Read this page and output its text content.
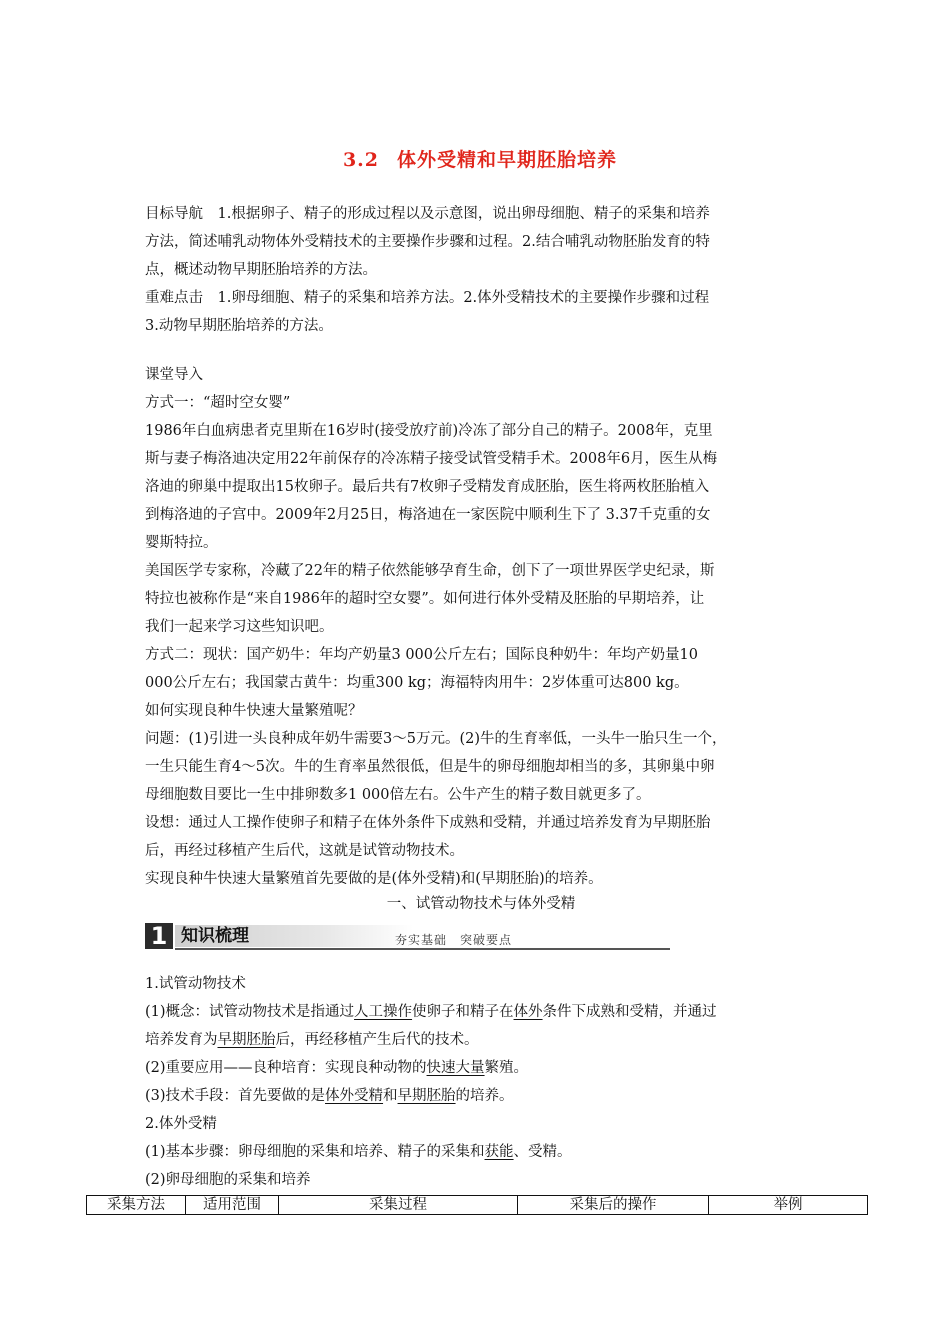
3.2 体外受精和早期胚胎培养
目标导航　1.根据卵子、精子的形成过程以及示意图，说出卵母细胞、精子的采集和培养
方法，简述哺乳动物体外受精技术的主要操作步骤和过程。2.结合哺乳动物胚胎发育的特
点，概述动物早期胚胎培养的方法。
重难点击　1.卵母细胞、精子的采集和培养方法。2.体外受精技术的主要操作步骤和过程
3.动物早期胚胎培养的方法。
课堂导入
方式一：“超时空女婴”
1986年白血病患者克里斯在16岁时(接受放疗前)冷冻了部分自己的精子。2008年，克里
斯与妻子梅洛迪决定用22年前保存的冷冻精子接受试管受精手术。2008年6月，医生从梅
洛迪的卵巢中提取出15枚卵子。最后共有7枚卵子受精发育成胚胎，医生将两枚胚胎植入
到梅洛迪的子宫中。2009年2月25日，梅洛迪在一家医院中顺利生下了 3.37千克重的女
婴斯特拉。
美国医学专家称，冷藏了22年的精子依然能够孕育生命，创下了一项世界医学史纪录，斯
特拉也被称作是“来自1986年的超时空女婴”。如何进行体外受精及胚胎的早期培养，让
我们一起来学习这些知识吧。
方式二：现状：国产奶牛：年均产奶量3 000公斤左右；国际良种奶牛：年均产奶量10
000公斤左右；我国蒙古黄牛：均重300 kg；海福特肉用牛：2岁体重可达800 kg。
如何实现良种牛快速大量繁殖呢？
问题：(1)引进一头良种成年奶牛需要3～5万元。(2)牛的生育率低，一头牛一胎只生一个，
一生只能生育4～5次。牛的生育率虽然很低，但是牛的卵母细胞却相当的多，其卵巢中卵
母细胞数目要比一生中排卵数多1 000倍左右。公牛产生的精子数目就更多了。
设想：通过人工操作使卵子和精子在体外条件下成熟和受精，并通过培养发育为早期胚胎
后，再经过移植产生后代，这就是试管动物技术。
实现良种牛快速大量繁殖首先要做的是(体外受精)和(早期胚胎)的培养。
一、试管动物技术与体外受精
1 知识梳理	夯实基础　突破要点
1.试管动物技术
(1)概念：试管动物技术是指通过人工操作使卵子和精子在体外条件下成熟和受精，并通过
培养发育为早期胚胎后，再经移植产生后代的技术。
(2)重要应用——良种培育：实现良种动物的快速大量繁殖。
(3)技术手段：首先要做的是体外受精和早期胚胎的培养。
2.体外受精
(1)基本步骤：卵母细胞的采集和培养、精子的采集和获能、受精。
(2)卵母细胞的采集和培养
采集方法	适用范围	采集过程	采集后的操作	举例
